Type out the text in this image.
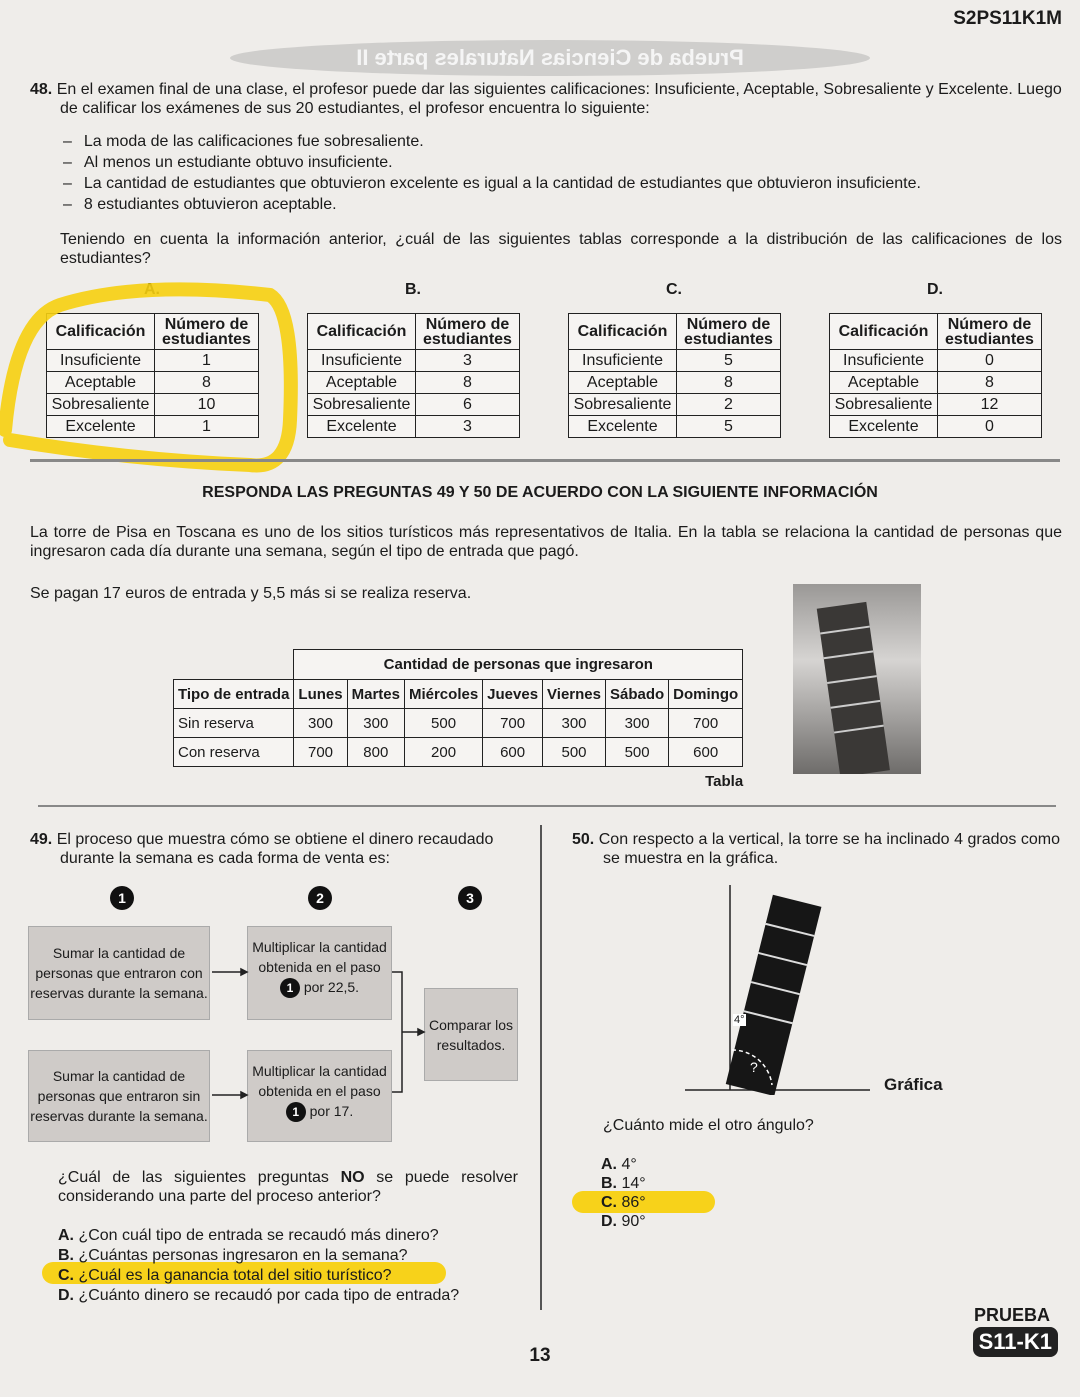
S2PS11K1M
Prueba de Ciencias Naturales parte II

48. En el examen final de una clase, el profesor puede dar las siguientes calificaciones: Insuficiente, Aceptable, Sobresaliente y Excelente. Luego de calificar los exámenes de sus 20 estudiantes, el profesor encuentra lo siguiente:

– La moda de las calificaciones fue sobresaliente.
– Al menos un estudiante obtuvo insuficiente.
– La cantidad de estudiantes que obtuvieron excelente es igual a la cantidad de estudiantes que obtuvieron insuficiente.
– 8 estudiantes obtuvieron aceptable.

Teniendo en cuenta la información anterior, ¿cuál de las siguientes tablas corresponde a la distribución de las calificaciones de los estudiantes?

A.
Calificación	Número de estudiantes
Insuficiente	1
Aceptable	8
Sobresaliente	10
Excelente	1
B.
Calificación	Número de estudiantes
Insuficiente	3
Aceptable	8
Sobresaliente	6
Excelente	3
C.
Calificación	Número de estudiantes
Insuficiente	5
Aceptable	8
Sobresaliente	2
Excelente	5
D.
Calificación	Número de estudiantes
Insuficiente	0
Aceptable	8
Sobresaliente	12
Excelente	0
RESPONDA LAS PREGUNTAS 49 Y 50 DE ACUERDO CON LA SIGUIENTE INFORMACIÓN

La torre de Pisa en Toscana es uno de los sitios turísticos más representativos de Italia. En la tabla se relaciona la cantidad de personas que ingresaron cada día durante una semana, según el tipo de entrada que pagó.

Se pagan 17 euros de entrada y 5,5 más si se realiza reserva.

	Cantidad de personas que ingresaron						
Tipo de entrada	Lunes	Martes	Miércoles	Jueves	Viernes	Sábado	Domingo
Sin reserva	300	300	500	700	300	300	700
Con reserva	700	800	200	600	500	500	600
Tabla

49. El proceso que muestra cómo se obtiene el dinero recaudado durante la semana es cada forma de venta es:

1	2	3
Sumar la cantidad de personas que entraron con reservas durante la semana.
Sumar la cantidad de personas que entraron sin reservas durante la semana.
Multiplicar la cantidad obtenida en el paso 1 por 22,5.
Multiplicar la cantidad obtenida en el paso 1 por 17.
Comparar los resultados.

¿Cuál de las siguientes preguntas NO se puede resolver considerando una parte del proceso anterior?

A. ¿Con cuál tipo de entrada se recaudó más dinero?

B. ¿Cuántas personas ingresaron en la semana?

C. ¿Cuál es la ganancia total del sitio turístico?

D. ¿Cuánto dinero se recaudó por cada tipo de entrada?

50. Con respecto a la vertical, la torre se ha inclinado 4 grados como se muestra en la gráfica.

4°
?
Gráfica

¿Cuánto mide el otro ángulo?

A. 4°

B. 14°

C. 86°

D. 90°

13
PRUEBA
S11-K1
